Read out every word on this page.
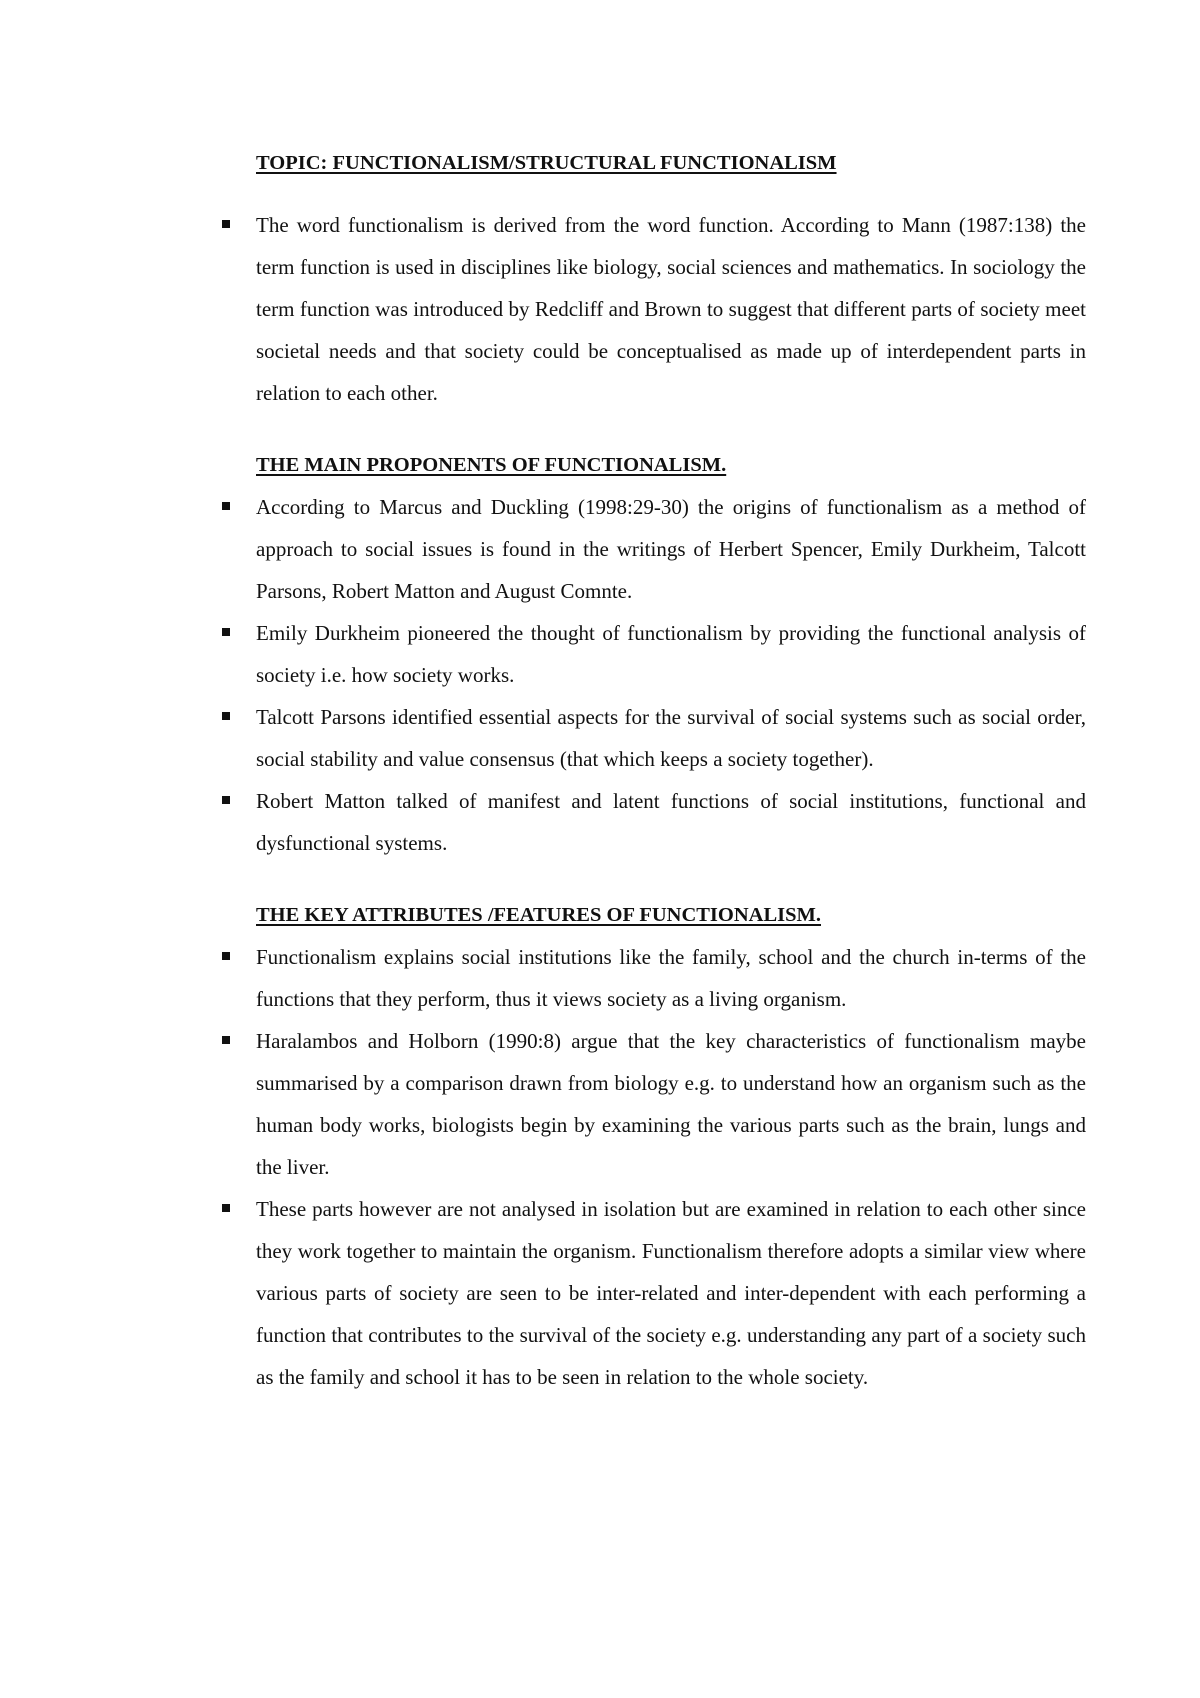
TOPIC: FUNCTIONALISM/STRUCTURAL FUNCTIONALISM

The word functionalism is derived from the word function. According to Mann (1987:138) the term function is used in disciplines like biology, social sciences and mathematics. In sociology the term function was introduced by Redcliff and Brown to suggest that different parts of society meet societal needs and that society could be conceptualised as made up of interdependent parts in relation to each other.

THE MAIN PROPONENTS OF FUNCTIONALISM.

According to Marcus and Duckling (1998:29-30) the origins of functionalism as a method of approach to social issues is found in the writings of Herbert Spencer, Emily Durkheim, Talcott Parsons, Robert Matton and August Comnte.
Emily Durkheim pioneered the thought of functionalism by providing the functional analysis of society i.e. how society works.
Talcott Parsons identified essential aspects for the survival of social systems such as social order, social stability and value consensus (that which keeps a society together).
Robert Matton talked of manifest and latent functions of social institutions, functional and dysfunctional systems.

THE KEY ATTRIBUTES /FEATURES OF FUNCTIONALISM.

Functionalism explains social institutions like the family, school and the church in-terms of the functions that they perform, thus it views society as a living organism.
Haralambos and Holborn (1990:8) argue that the key characteristics of functionalism maybe summarised by a comparison drawn from biology e.g. to understand how an organism such as the human body works, biologists begin by examining the various parts such as the brain, lungs and the liver.
These parts however are not analysed in isolation but are examined in relation to each other since they work together to maintain the organism. Functionalism therefore adopts a similar view where various parts of society are seen to be inter-related and inter-dependent with each performing a function that contributes to the survival of the society e.g. understanding any part of a society such as the family and school it has to be seen in relation to the whole society.
